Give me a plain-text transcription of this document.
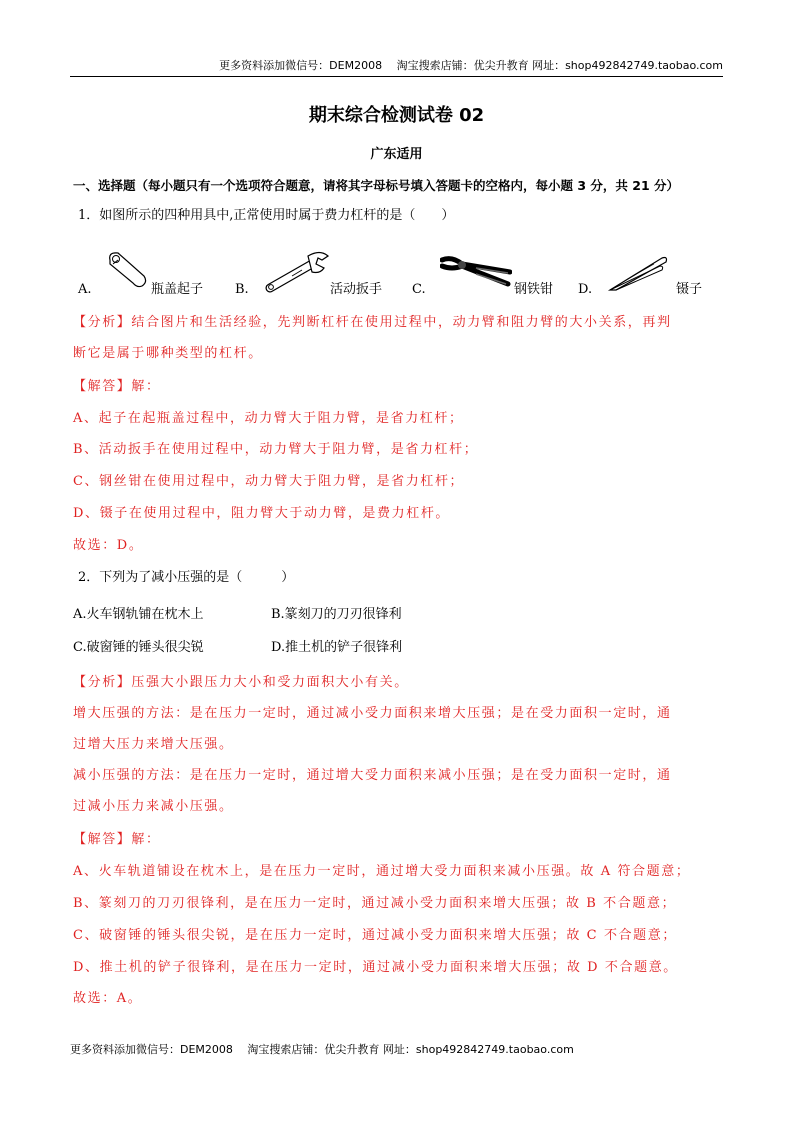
更多资料添加微信号：DEM2008　 淘宝搜索店铺：优尖升教育 网址：shop492842749.taobao.com
期末综合检测试卷 02
广东适用
一、选择题（每小题只有一个选项符合题意，请将其字母标号填入答题卡的空格内，每小题 3 分，共 21 分）
1．如图所示的四种用具中,正常使用时属于费力杠杆的是（　　）
A.	瓶盖起子 B.	活动扳手 C.	钢铁钳 D.	镊子
【分析】结合图片和生活经验，先判断杠杆在使用过程中，动力臂和阻力臂的大小关系，再判
断它是属于哪种类型的杠杆。
【解答】解：
A、起子在起瓶盖过程中，动力臂大于阻力臂，是省力杠杆；
B、活动扳手在使用过程中，动力臂大于阻力臂，是省力杠杆；
C、钢丝钳在使用过程中，动力臂大于阻力臂，是省力杠杆；
D、镊子在使用过程中，阻力臂大于动力臂，是费力杠杆。
故选：D。
2．下列为了减小压强的是（　　　）
A.火车钢轨铺在枕木上	B.篆刻刀的刀刃很锋利
C.破窗锤的锤头很尖锐	D.推土机的铲子很锋利
【分析】压强大小跟压力大小和受力面积大小有关。
增大压强的方法：是在压力一定时，通过减小受力面积来增大压强；是在受力面积一定时，通
过增大压力来增大压强。
减小压强的方法：是在压力一定时，通过增大受力面积来减小压强；是在受力面积一定时，通
过减小压力来减小压强。
【解答】解：
A、火车轨道铺设在枕木上，是在压力一定时，通过增大受力面积来减小压强。故 A 符合题意；
B、篆刻刀的刀刃很锋利，是在压力一定时，通过减小受力面积来增大压强；故 B 不合题意；
C、破窗锤的锤头很尖锐，是在压力一定时，通过减小受力面积来增大压强；故 C 不合题意；
D、推土机的铲子很锋利，是在压力一定时，通过减小受力面积来增大压强；故 D 不合题意。
故选：A。
更多资料添加微信号：DEM2008　 淘宝搜索店铺：优尖升教育 网址：shop492842749.taobao.com
